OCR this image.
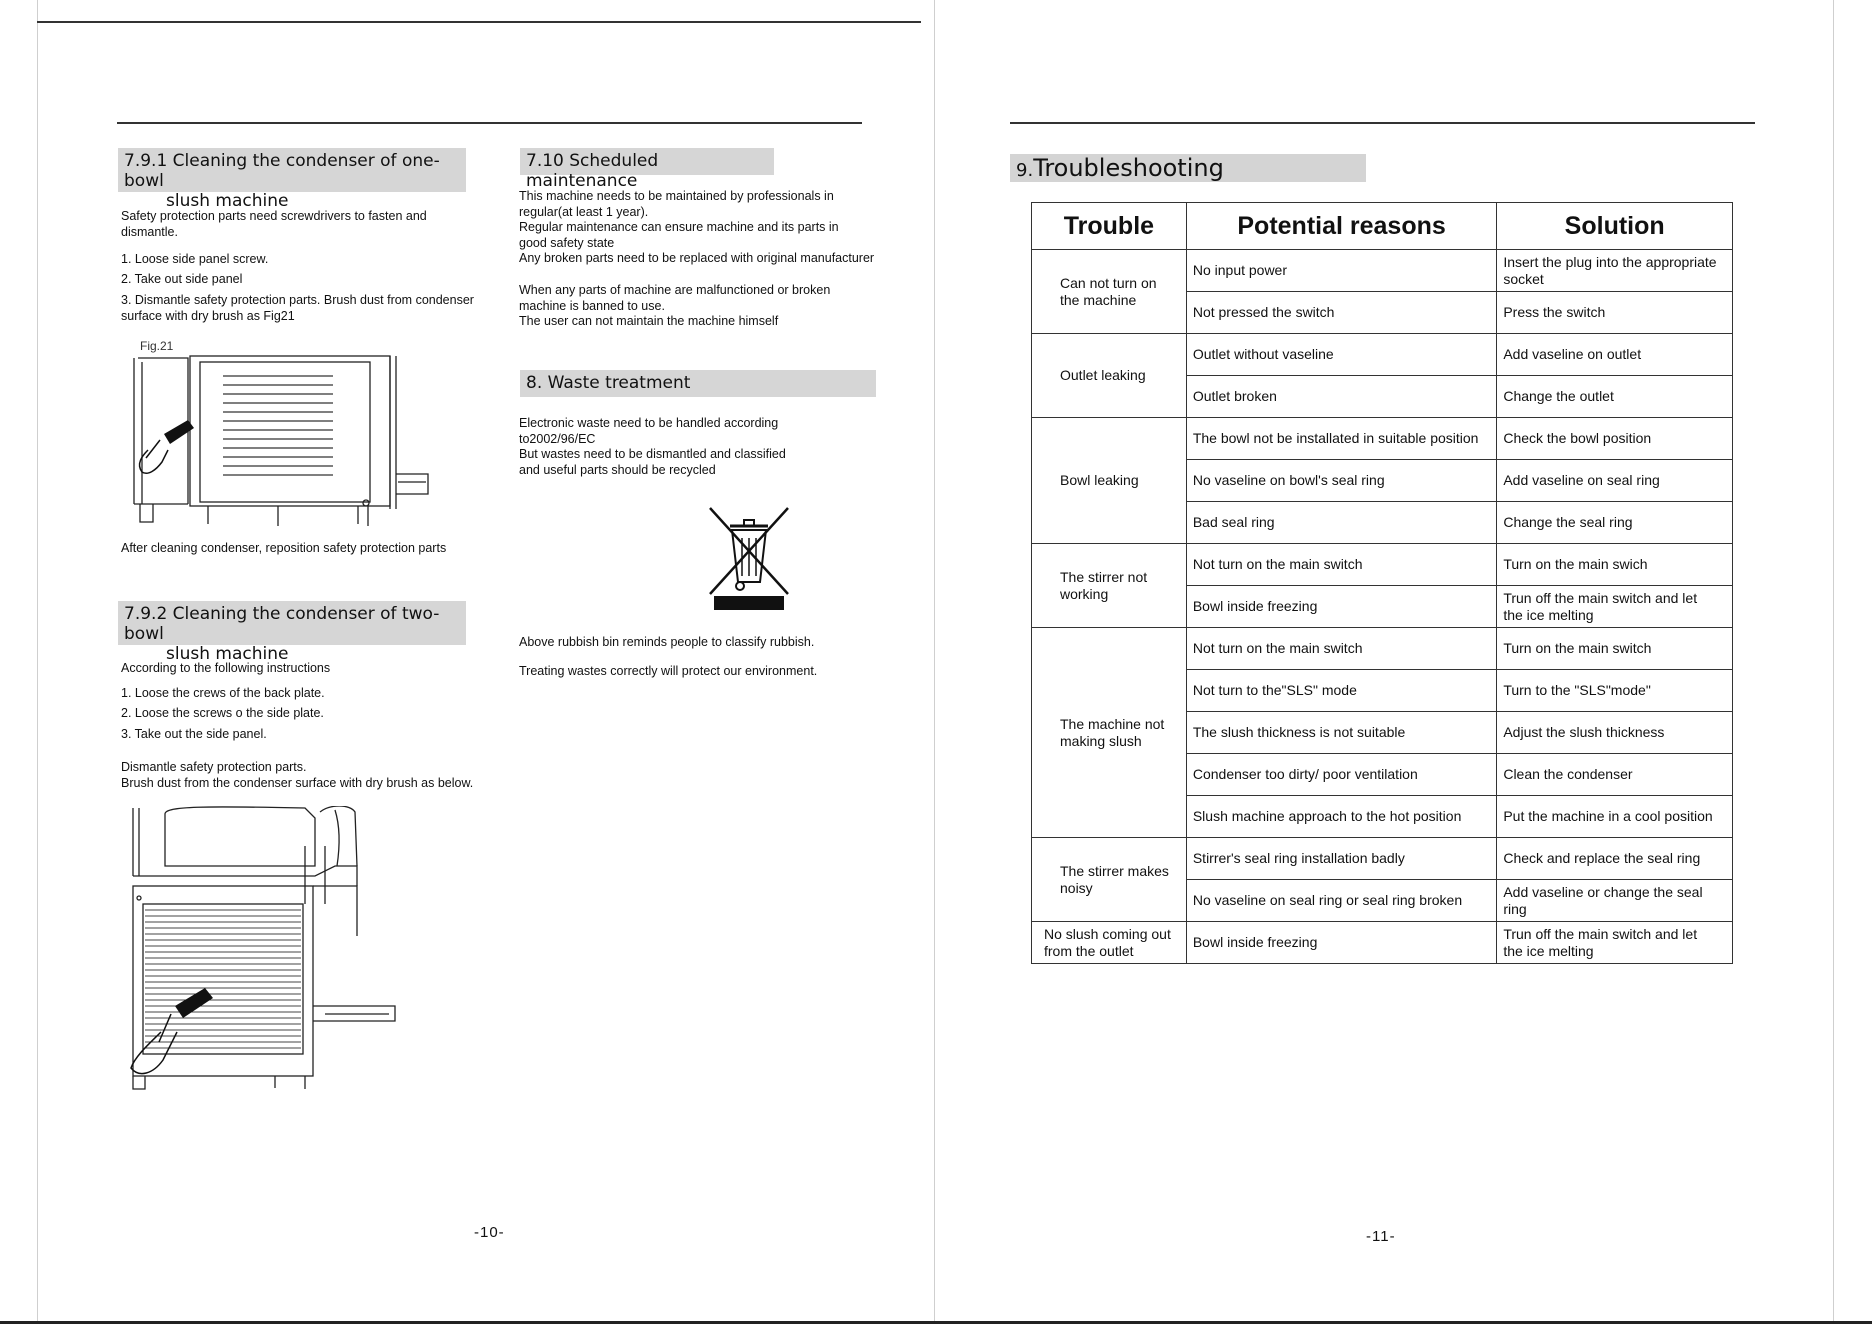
7.9.1 Cleaning the condenser of one-bowl
slush machine
Safety protection parts need screwdrivers to fasten and
dismantle.
1. Loose side panel screw.
2. Take out side panel
3. Dismantle safety protection parts. Brush dust from condenser
surface with dry brush as Fig21
Fig.21
After cleaning condenser, reposition safety protection parts
7.9.2 Cleaning the condenser of two-bowl
slush machine
According to the following instructions
1. Loose the crews of the back plate.
2. Loose the screws o the side plate.
3. Take out the side panel.
Dismantle safety protection parts.
Brush dust from the condenser surface with dry brush as below.
7.10 Scheduled maintenance
This machine needs to be maintained by professionals in
regular(at least 1 year).
Regular maintenance can ensure machine and its parts in
good safety state
Any broken parts need to be replaced with original manufacturer
When any parts of machine are malfunctioned or broken
machine is banned to use.
The user can not maintain the machine himself
8. Waste treatment
Electronic waste need to be handled according
to2002/96/EC
But wastes need to be dismantled and classified
and useful parts should be recycled
Above rubbish bin reminds people to classify rubbish.
Treating wastes correctly will protect our environment.
-10-
9.Troubleshooting
Trouble	Potential reasons	Solution
Can not turn on
the machine	No input power	Insert the plug into the appropriate
socket
	Not pressed the switch	Press the switch
Outlet leaking	Outlet without vaseline	Add vaseline on outlet
	Outlet broken	Change the outlet
Bowl leaking	The bowl not be installated in suitable position	Check the bowl position
	No vaseline on bowl's seal ring	Add vaseline on seal ring
	Bad seal ring	Change the seal ring
The stirrer not
working	Not turn on the main switch	Turn on the main swich
	Bowl inside freezing	Trun off the main switch and let
the ice melting
The machine not
making slush	Not turn on the main switch	Turn on the main switch
	Not turn to the"SLS" mode	Turn to the "SLS"mode"
	The slush thickness is not suitable	Adjust the slush thickness
	Condenser too dirty/ poor ventilation	Clean the condenser
	Slush machine approach to the hot position	Put the machine in a cool position
The stirrer makes
noisy	Stirrer's seal ring installation badly	Check and replace the seal ring
	No vaseline on seal ring or seal ring broken	Add vaseline or change the seal
ring
No slush coming out
from the outlet	Bowl inside freezing	Trun off the main switch and let
the ice melting
-11-
